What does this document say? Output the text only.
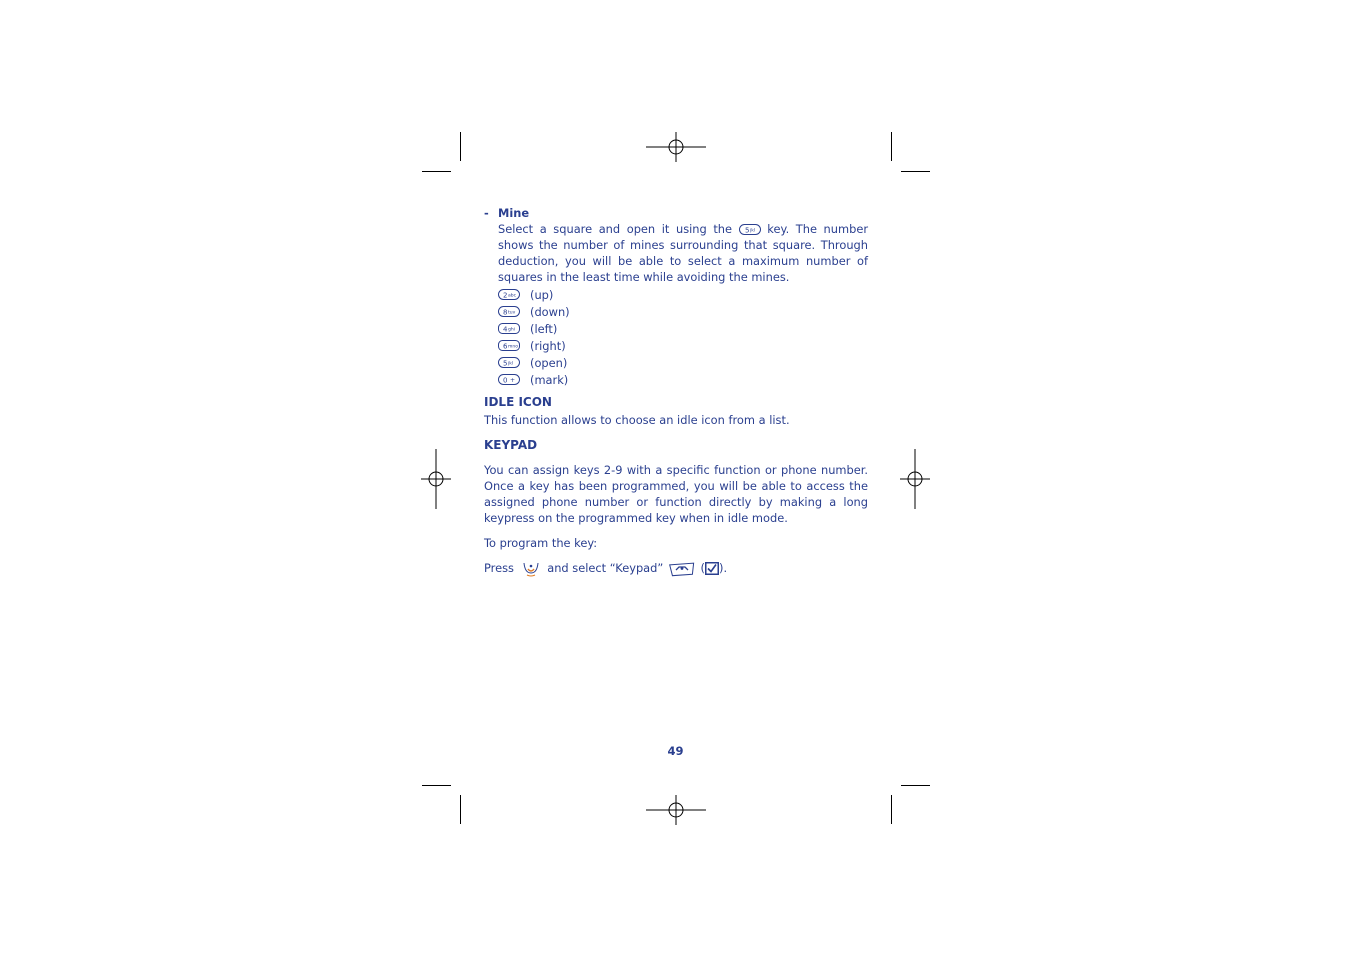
- Mine

Select a square and open it using the 5 jkl key. The number shows the number of mines surrounding that square. Through deduction, you will be able to select a maximum number of squares in the least time while avoiding the mines.

2 abc (up)
8 tuv (down)
4 ghi (left)
6 mno (right)
5 jkl (open)
0 + (mark)
IDLE ICON

This function allows to choose an idle icon from a list.

KEYPAD

You can assign keys 2-9 with a specific function or phone number. Once a key has been programmed, you will be able to access the assigned phone number or function directly by making a long keypress on the programmed key when in idle mode.

To program the key:

Press	and select “Keypad”	( ).

49
